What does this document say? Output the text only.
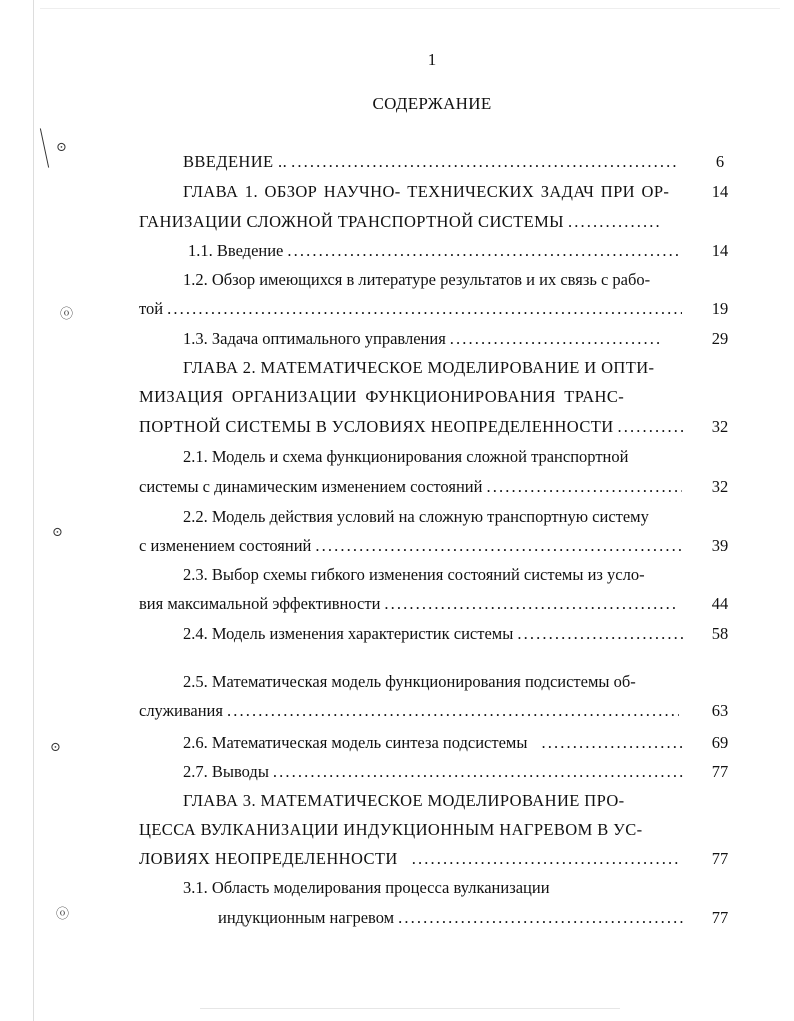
1
СОДЕРЖАНИЕ
ВВЕДЕНИЕ .. . . .	6
ГЛАВА 1. ОБЗОР НАУЧНО- ТЕХНИЧЕСКИХ ЗАДАЧ ПРИ ОР-	14
ГАНИЗАЦИИ СЛОЖНОЙ ТРАНСПОРТНОЙ СИСТЕМЫ
. . .
1.1. Введение . . .	14
1.2. Обзор имеющихся в литературе результатов и их связь с рабо-
той . . .	19
1.3. Задача оптимального управления . . .	29
ГЛАВА 2. МАТЕМАТИЧЕСКОЕ МОДЕЛИРОВАНИЕ И ОПТИ-
МИЗАЦИЯ ОРГАНИЗАЦИИ ФУНКЦИОНИРОВАНИЯ ТРАНС-
ПОРТНОЙ СИСТЕМЫ В УСЛОВИЯХ НЕОПРЕДЕЛЕННОСТИ . . .	32
2.1. Модель и схема функционирования сложной транспортной
системы с динамическим изменением состояний . . .	32
2.2. Модель действия условий на сложную транспортную систему
с изменением состояний . . .	39
2.3. Выбор схемы гибкого изменения состояний системы из усло-
вия максимальной эффективности . . .	44
2.4. Модель изменения характеристик системы . . .	58
2.5. Математическая модель функционирования подсистемы об-
служивания . . .	63
2.6. Математическая модель синтеза подсистемы . . .	69
2.7. Выводы . . .	77
ГЛАВА 3. МАТЕМАТИЧЕСКОЕ МОДЕЛИРОВАНИЕ ПРО-
ЦЕССА ВУЛКАНИЗАЦИИ ИНДУКЦИОННЫМ НАГРЕВОМ В УС-
ЛОВИЯХ НЕОПРЕДЕЛЕННОСТИ . . .	77
3.1. Область моделирования процесса вулканизации
индукционным нагревом . . .	77
⊙
ⓞ
⊙
⊙
ⓞ
